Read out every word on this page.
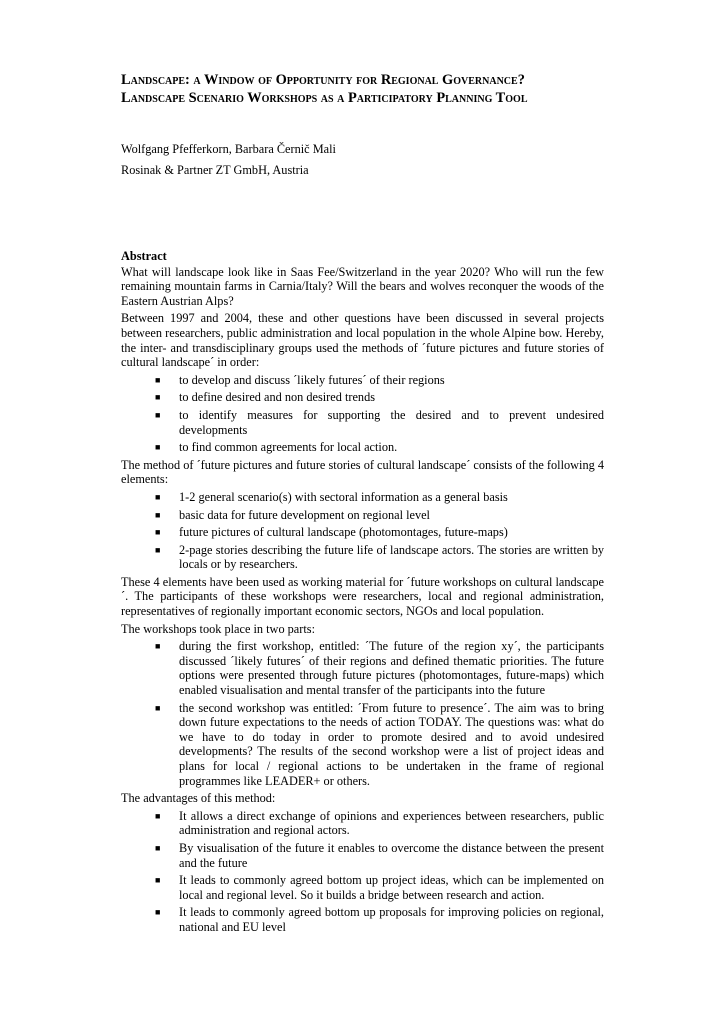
Landscape: a Window of Opportunity for Regional Governance?
Landscape Scenario Workshops as a Participatory Planning Tool
Wolfgang Pfefferkorn, Barbara Černič Mali
Rosinak & Partner ZT GmbH, Austria
Abstract

What will landscape look like in Saas Fee/Switzerland in the year 2020? Who will run the few remaining mountain farms in Carnia/Italy? Will the bears and wolves reconquer the woods of the Eastern Austrian Alps?

Between 1997 and 2004, these and other questions have been discussed in several projects between researchers, public administration and local population in the whole Alpine bow. Hereby, the inter- and transdisciplinary groups used the methods of ´future pictures and future stories of cultural landscape´ in order:

■ to develop and discuss ´likely futures´ of their regions
■ to define desired and non desired trends
■ to identify measures for supporting the desired and to prevent undesired developments
■ to find common agreements for local action.

The method of ´future pictures and future stories of cultural landscape´ consists of the following 4 elements:

■ 1-2 general scenario(s) with sectoral information as a general basis
■ basic data for future development on regional level
■ future pictures of cultural landscape (photomontages, future-maps)
■ 2-page stories describing the future life of landscape actors. The stories are written by locals or by researchers.

These 4 elements have been used as working material for ´future workshops on cultural landscape´. The participants of these workshops were researchers, local and regional administration, representatives of regionally important economic sectors, NGOs and local population.

The workshops took place in two parts:

■ during the first workshop, entitled: ´The future of the region xy´, the participants discussed ´likely futures´ of their regions and defined thematic priorities. The future options were presented through future pictures (photomontages, future-maps) which enabled visualisation and mental transfer of the participants into the future
■ the second workshop was entitled: ´From future to presence´. The aim was to bring down future expectations to the needs of action TODAY. The questions was: what do we have to do today in order to promote desired and to avoid undesired developments? The results of the second workshop were a list of project ideas and plans for local / regional actions to be undertaken in the frame of regional programmes like LEADER+ or others.

The advantages of this method:

■ It allows a direct exchange of opinions and experiences between researchers, public administration and regional actors.
■ By visualisation of the future it enables to overcome the distance between the present and the future
■ It leads to commonly agreed bottom up project ideas, which can be implemented on local and regional level. So it builds a bridge between research and action.
■ It leads to commonly agreed bottom up proposals for improving policies on regional, national and EU level
